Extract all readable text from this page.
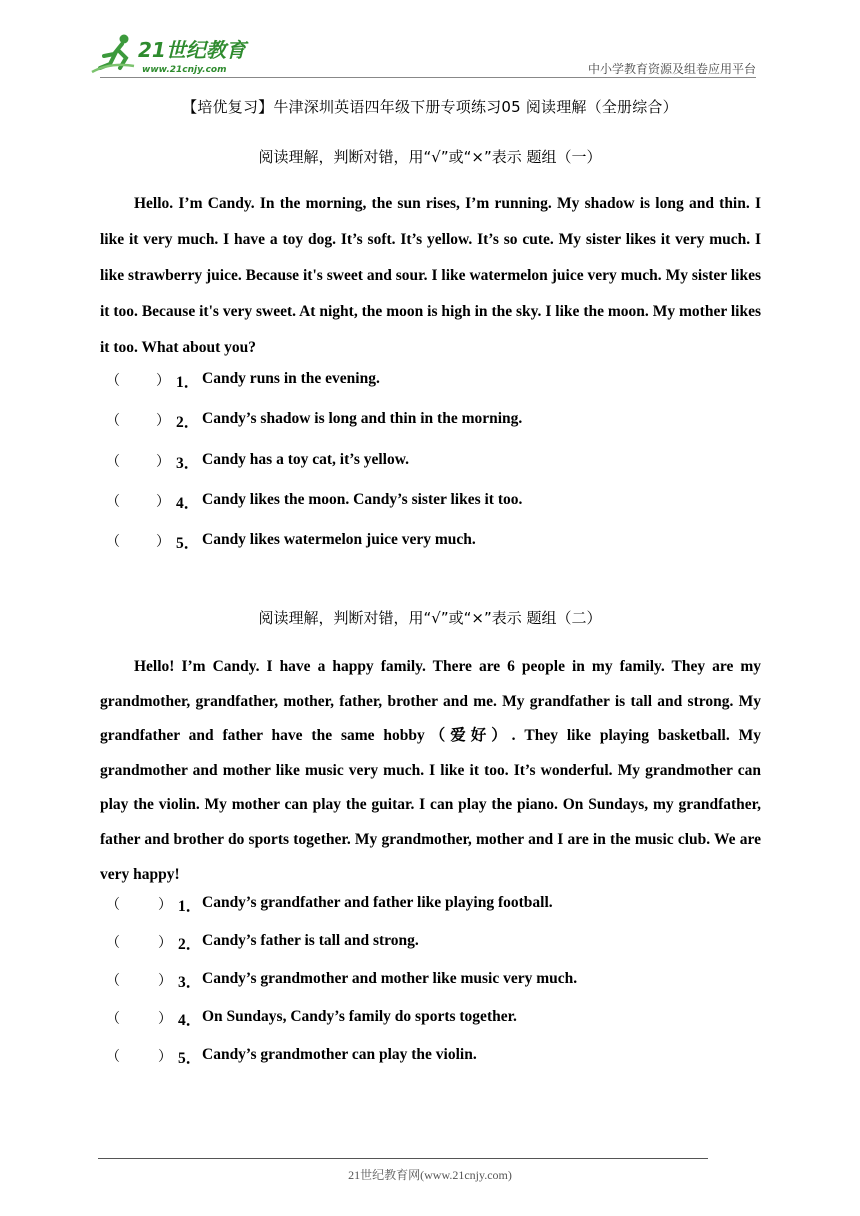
21世纪教育
www.21cnjy.com	中小学教育资源及组卷应用平台
【培优复习】牛津深圳英语四年级下册专项练习05 阅读理解（全册综合）
阅读理解，判断对错，用“√”或“×”表示 题组（一）

Hello. I’m Candy. In the morning, the sun rises, I’m running. My shadow is long and thin. I like it very much. I have a toy dog. It’s soft. It’s yellow. It’s so cute. My sister likes it very much. I like strawberry juice. Because it's sweet and sour. I like watermelon juice very much. My sister likes it too. Because it's very sweet. At night, the moon is high in the sky. I like the moon. My mother likes it too. What about you?

（	） 1． Candy runs in the evening.
（	） 2． Candy’s shadow is long and thin in the morning.
（	） 3． Candy has a toy cat, it’s yellow.
（	） 4． Candy likes the moon. Candy’s sister likes it too.
（	） 5． Candy likes watermelon juice very much.
阅读理解，判断对错，用“√”或“×”表示 题组（二）

Hello! I’m Candy. I have a happy family. There are 6 people in my family. They are my grandmother, grandfather, mother, father, brother and me. My grandfather is tall and strong. My grandfather and father have the same hobby（爱好）. They like playing basketball. My grandmother and mother like music very much. I like it too. It’s wonderful. My grandmother can play the violin. My mother can play the guitar. I can play the piano. On Sundays, my grandfather, father and brother do sports together. My grandmother, mother and I are in the music club. We are very happy!

（	） 1． Candy’s grandfather and father like playing football.
（	） 2． Candy’s father is tall and strong.
（	） 3． Candy’s grandmother and mother like music very much.
（	） 4． On Sundays, Candy’s family do sports together.
（	） 5． Candy’s grandmother can play the violin.
21世纪教育网(www.21cnjy.com)
